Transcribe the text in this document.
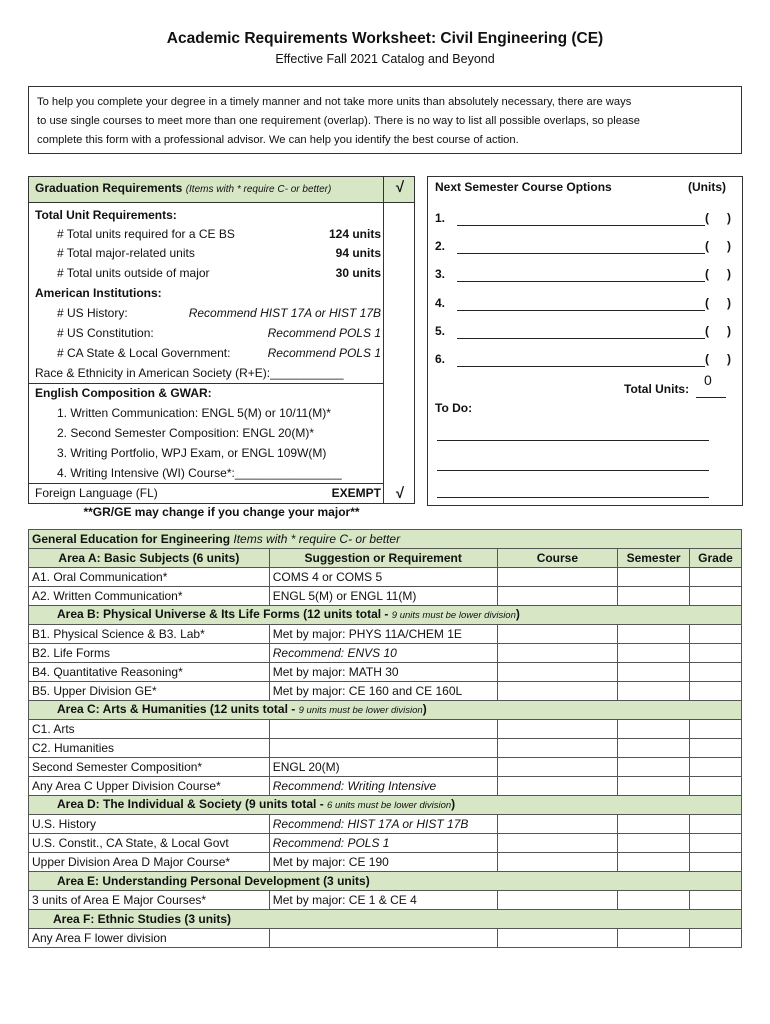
Academic Requirements Worksheet: Civil Engineering (CE)
Effective Fall 2021 Catalog and Beyond
To help you complete your degree in a timely manner and not take more units than absolutely necessary, there are ways
to use single courses to meet more than one requirement (overlap). There is no way to list all possible overlaps, so please
complete this form with a professional advisor. We can help you identify the best course of action.
Graduation Requirements (Items with * require C- or better)	√
Total Unit Requirements:
# Total units required for a CE BS	124 units
# Total major-related units	94 units
# Total units outside of major	30 units
American Institutions:
# US History:	Recommend HIST 17A or HIST 17B
# US Constitution:	Recommend POLS 1
# CA State & Local Government:	Recommend POLS 1
Race & Ethnicity in American Society (R+E):___________
English Composition & GWAR:
1. Written Communication: ENGL 5(M) or 10/11(M)*
2. Second Semester Composition: ENGL 20(M)*
3. Writing Portfolio, WPJ Exam, or ENGL 109W(M)
4. Writing Intensive (WI) Course*:________________
Foreign Language (FL)	EXEMPT √
**GR/GE may change if you change your major**
Next Semester Course Options	(Units)
1.	( )
2.	( )
3.	( )
4.	( )
5.	( )
6.	( )
Total Units:
0
To Do:
General Education for Engineering Items with * require C- or better				
Area A: Basic Subjects (6 units)	Suggestion or Requirement	Course	Semester	Grade
A1. Oral Communication*	COMS 4 or COMS 5			
A2. Written Communication*	ENGL 5(M) or ENGL 11(M)			
Area B: Physical Universe & Its Life Forms (12 units total - 9 units must be lower division)				
B1. Physical Science & B3. Lab*	Met by major: PHYS 11A/CHEM 1E			
B2. Life Forms	Recommend: ENVS 10			
B4. Quantitative Reasoning*	Met by major: MATH 30			
B5. Upper Division GE*	Met by major: CE 160 and CE 160L			
Area C: Arts & Humanities (12 units total - 9 units must be lower division)				
C1. Arts				
C2. Humanities				
Second Semester Composition*	ENGL 20(M)			
Any Area C Upper Division Course*	Recommend: Writing Intensive			
Area D: The Individual & Society (9 units total - 6 units must be lower division)				
U.S. History	Recommend: HIST 17A or HIST 17B			
U.S. Constit., CA State, & Local Govt	Recommend: POLS 1			
Upper Division Area D Major Course*	Met by major: CE 190			
Area E: Understanding Personal Development (3 units)				
3 units of Area E Major Courses*	Met by major: CE 1 & CE 4			
Area F: Ethnic Studies (3 units)				
Any Area F lower division				
